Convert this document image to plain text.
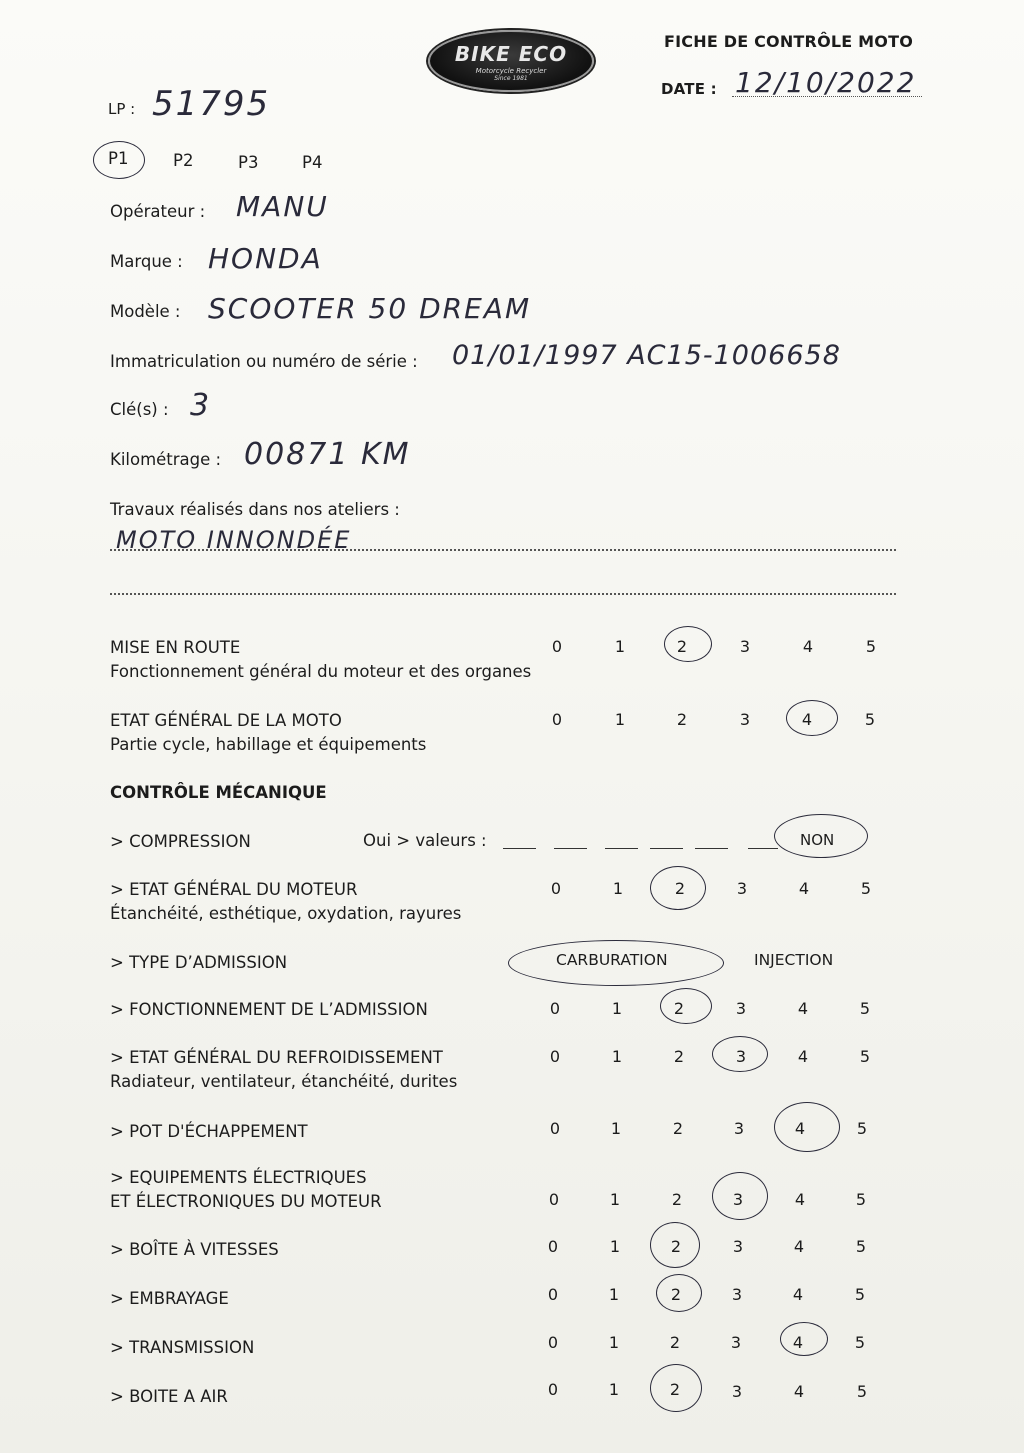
BIKE ECO
Motorcycle Recycler
Since 1981
FICHE DE CONTRÔLE MOTO
DATE : 12/10/2022
LP : 51795
P1	P2	P3	P4
Opérateur : MANU
Marque : HONDA
Modèle : SCOOTER 50 DREAM
Immatriculation ou numéro de série : 01/01/1997 AC15-1006658
Clé(s) : 3
Kilométrage : 00871 KM
Travaux réalisés dans nos ateliers :
MOTO INNONDÉE
MISE EN ROUTE
Fonctionnement général du moteur et des organes
0	1	2	3	4	5
ETAT GÉNÉRAL DE LA MOTO
Partie cycle, habillage et équipements
0	1	2	3	4	5
CONTRÔLE MÉCANIQUE
> COMPRESSION	Oui > valeurs :	NON
> ETAT GÉNÉRAL DU MOTEUR
Étanchéité, esthétique, oxydation, rayures
0	1	2	3	4	5
> TYPE D’ADMISSION	CARBURATION	INJECTION
> FONCTIONNEMENT DE L’ADMISSION	0	1	2	3	4	5
> ETAT GÉNÉRAL DU REFROIDISSEMENT
Radiateur, ventilateur, étanchéité, durites
0	1	2	3	4	5
> POT D'ÉCHAPPEMENT	0	1	2	3	4	5
> EQUIPEMENTS ÉLECTRIQUES
ET ÉLECTRONIQUES DU MOTEUR	0	1	2	3	4	5
> BOÎTE À VITESSES	0	1	2	3	4	5
> EMBRAYAGE	0	1	2	3	4	5
> TRANSMISSION	0	1	2	3	4	5
> BOITE A AIR	0	1	2	3	4	5
